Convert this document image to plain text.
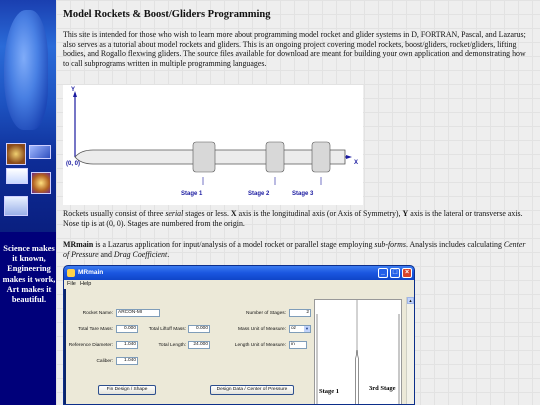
Science makes it known, Engineering makes it work, Art makes it beautiful.
Model Rockets & Boost/Gliders Programming
This site is intended for those who wish to learn more about programming model rocket and glider systems in D, FORTRAN, Pascal, and Lazarus; also serves as a tutorial about model rockets and gliders. This is an ongoing project covering model rockets, boost/gliders, rocket/gliders, lifting bodies, and Rogallo flexwing gliders. The source files available for download are meant for building your own application and demonstrating how to call subprograms written in multiple programming languages.
Y
X
(0, 0)
Stage 1	Stage 2	Stage 3
Rockets usually consist of three serial stages or less. X axis is the longitudinal axis (or Axis of Symmetry), Y axis is the lateral or transverse axis. Nose tip is at (0, 0). Stages are numbered from the origin.
MRmain is a Lazarus application for input/analysis of a model rocket or parallel stage employing sub-forms. Analysis includes calculating Center of Pressure and Drag Coefficient.
MRmain	_	□	×
File Help
Rocket Name:	ARCON-MI	Number of Stages:	2
Total Tare Mass:	0.000	Total Liftoff Mass:	0.000	Mass Unit of Measure:	oz ▼
Reference Diameter:	1.040	Total Length:	24.000	Length Unit of Measure:	in
Caliber:	1.040
Fin Design / Shape	Design Data / Center of Pressure	Stage 1	3rd Stage
▲
